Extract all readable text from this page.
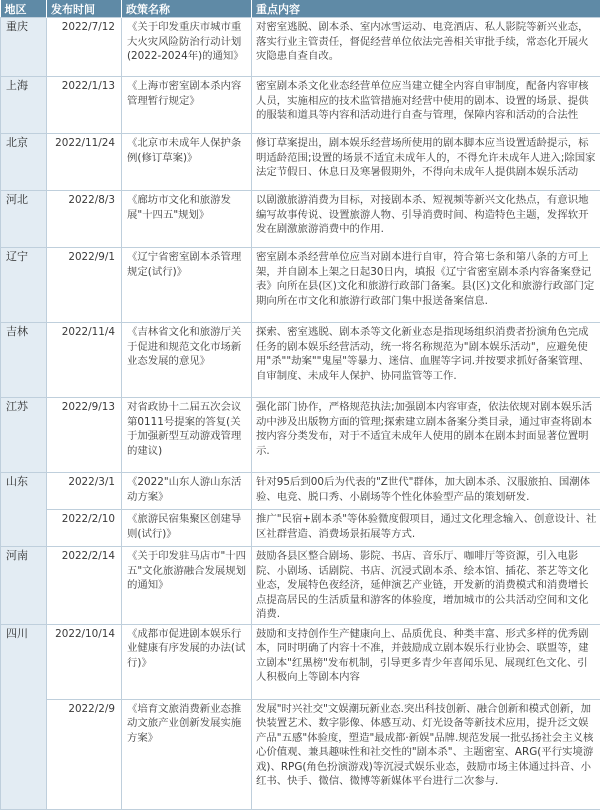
地区	发布时间	政策名称	重点内容
重庆	2022/7/12	《关于印发重庆市城市重大火灾风险防治行动计划(2022-2024年)的通知》	对密室逃脱、剧本杀、室内冰雪运动、电竞酒店、私人影院等新兴业态，落实行业主管责任，督促经营单位依法完善相关审批手续，常态化开展火灾隐患自查自改。
上海	2022/1/13	《上海市密室剧本杀内容管理暂行规定》	密室剧本杀文化业态经营单位应当建立健全内容自审制度，配备内容审核人员，实施相应的技术监管措施对经营中使用的剧本、设置的场景、提供的服装和道具等内容和活动进行自查与管理，保障内容和活动的合法性
北京	2022/11/24	《北京市未成年人保护条例(修订草案)》	修订草案提出，剧本娱乐经营场所使用的剧本脚本应当设置适龄提示，标明适龄范围;设置的场景不适宜未成年人的，不得允许未成年人进入;除国家法定节假日、休息日及寒暑假期外，不得向未成年人提供剧本娱乐活动
河北	2022/8/3	《廊坊市文化和旅游发展"十四五"规划》	以剧激旅游消费为目标，对接剧本杀、短视频等新兴文化热点，有意识地编写故事传说、设置旅游人物、引导消费时间、构造特色主题，发挥软开发在剧激旅游消费中的作用.
辽宁	2022/9/1	《辽宁省密室剧本杀管理规定(试行)》	密室剧本杀经营单位应当对剧本进行自审，符合第七条和第八条的方可上架，并自剧本上架之日起30日内，填报《辽宁省密室剧本杀内容备案登记表》向所在县(区)文化和旅游行政部门备案。县(区)文化和旅游行政部门定期向所在市文化和旅游行政部门集中报送备案信息.
吉林	2022/11/4	《吉林省文化和旅游厅关于促进和规范文化市场新业态发展的意见》	探索、密室逃脱、剧本杀等文化新业态是指现场组织消费者扮演角色完成任务的剧本娱乐经营活动，统一将名称规范为"剧本娱乐活动"，应避免使用"杀""劫案""鬼屋"等暴力、迷信、血腥等字词.并按要求抓好备案管理、自审制度、未成年人保护、协同监管等工作.
江苏	2022/9/13	对省政协十二届五次会议第0111号提案的答复(关于加强新型互动游戏管理的建议)	强化部门协作，严格规范执法;加强剧本内容审查，依法依规对剧本娱乐活动中涉及出版物方面的管理;探索建立剧本备案分类目录，通过审查将剧本按内容分类发布，对于不适宜未成年人使用的剧本在剧本封面显著位置明示.
山东	2022/3/1	《2022"山东人游山东活动方案》	针对95后到00后为代表的"Z世代"群体，加大剧本杀、汉服旅拍、国潮体验、电竞、脱口秀、小剧场等个性化体验型产品的策划研发.
	2022/2/10	《旅游民宿集聚区创建导则(试行)》	推广"民宿+剧本杀"等体验微度假项目，通过文化理念输入、创意设计、社区社群营造、消费场景拓展等方式.
河南	2022/2/14	《关于印发驻马店市"十四五"文化旅游融合发展规划的通知》	鼓励各县区整合剧场、影院、书店、音乐厅、咖啡厅等资源，引入电影院、小剧场、话剧院、书店、沉浸式剧本杀、绘本馆、插花、茶艺等文化业态，发展特色夜经济，延伸演艺产业链，开发新的消费模式和消费增长点提高居民的生活质量和游客的体验度，增加城市的公共活动空间和文化消费.
四川	2022/10/14	《成都市促进剧本娱乐行业健康有序发展的办法(试行)》	鼓励和支持创作生产健康向上、品质优良、种类丰富、形式多样的优秀剧本，同时明确了内容十不准，并鼓励成立剧本娱乐行业协会、联盟等，建立剧本"红黑榜"发布机制，引导更多青少年喜闻乐见、展现红色文化、引人积极向上等剧本内容
	2022/2/9	《培育文旅消费新业态推动文旅产业创新发展实施方案》	发展"时兴社交"文娱潮玩新业态.突出科技创新、融合创新和模式创新，加快装置艺术、数字影像、体感互动、灯光设备等新技术应用，提升泛文娱产品"五感"体验度，塑造"最成都·新娱"品牌.规范发展一批弘扬社会主义核心价值观、兼具趣味性和社交性的"剧本杀"、主题密室、ARG(平行实境游戏)、RPG(角色扮演游戏)等沉浸式娱乐业态，鼓励市场主体通过抖音、小红书、快手、微信、微博等新媒体平台进行二次参与.
